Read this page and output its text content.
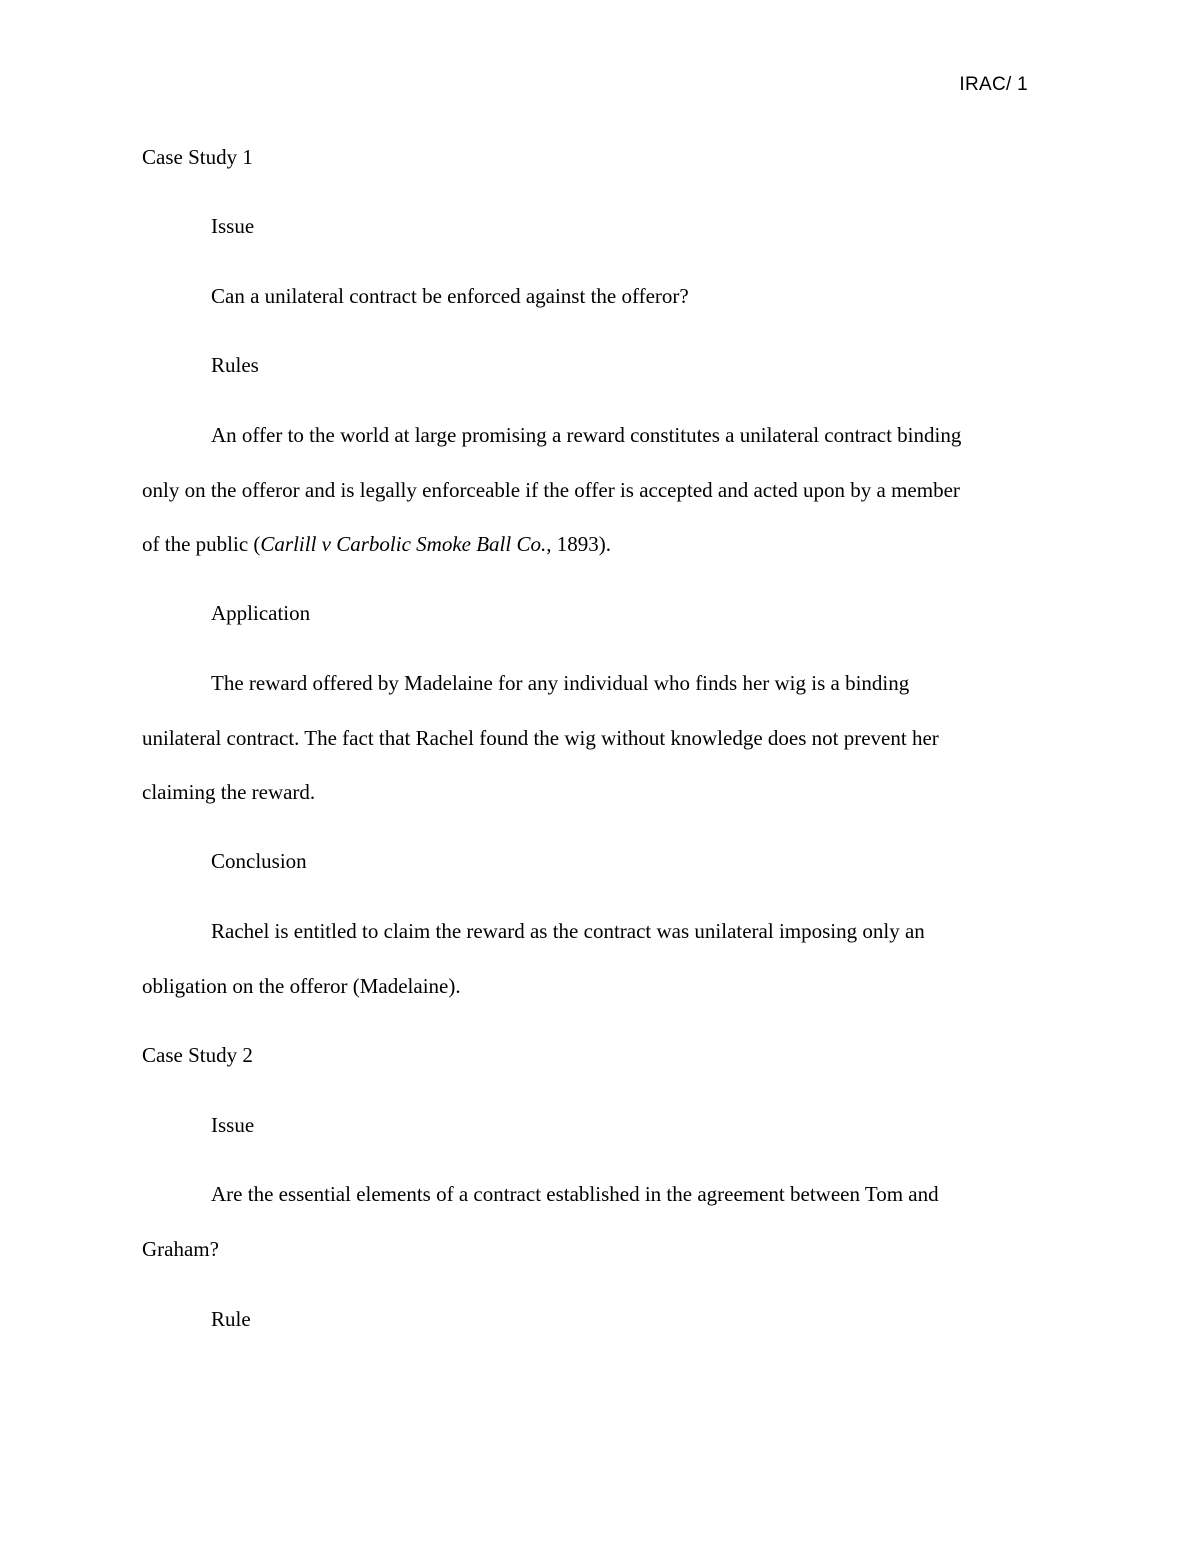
IRAC/ 1
Case Study 1
Issue
Can a unilateral contract be enforced against the offeror?
Rules
An offer to the world at large promising a reward constitutes a unilateral contract binding
only on the offeror and is legally enforceable if the offer is accepted and acted upon by a member
of the public (Carlill v Carbolic Smoke Ball Co., 1893).
Application
The reward offered by Madelaine for any individual who finds her wig is a binding
unilateral contract. The fact that Rachel found the wig without knowledge does not prevent her
claiming the reward.
Conclusion
Rachel is entitled to claim the reward as the contract was unilateral imposing only an
obligation on the offeror (Madelaine).
Case Study 2
Issue
Are the essential elements of a contract established in the agreement between Tom and
Graham?
Rule
